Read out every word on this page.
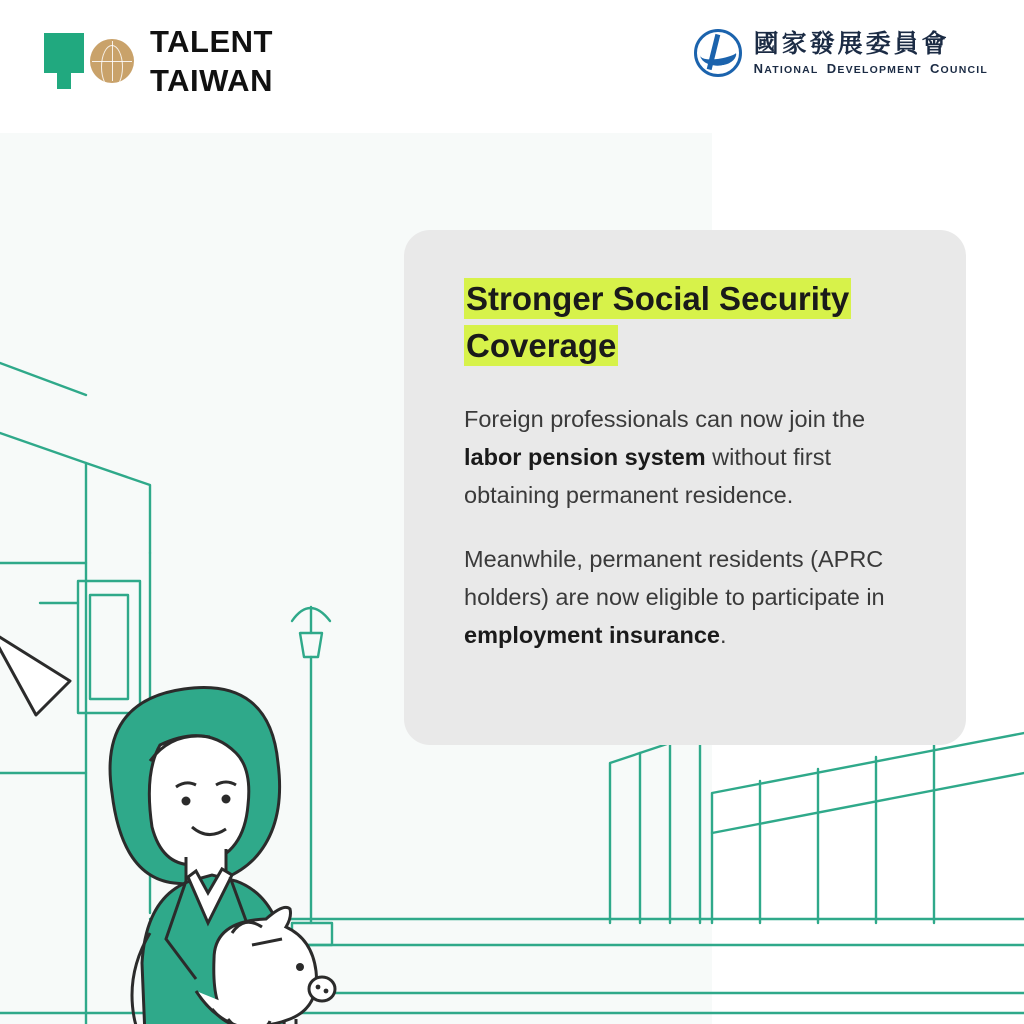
TALENT
TAIWAN
國家發展委員會
NATIONAL DEVELOPMENT COUNCIL
Stronger Social Security
Coverage

Foreign professionals can now join the labor pension system without first obtaining permanent residence.

Meanwhile, permanent residents (APRC holders) are now eligible to participate in employment insurance.
